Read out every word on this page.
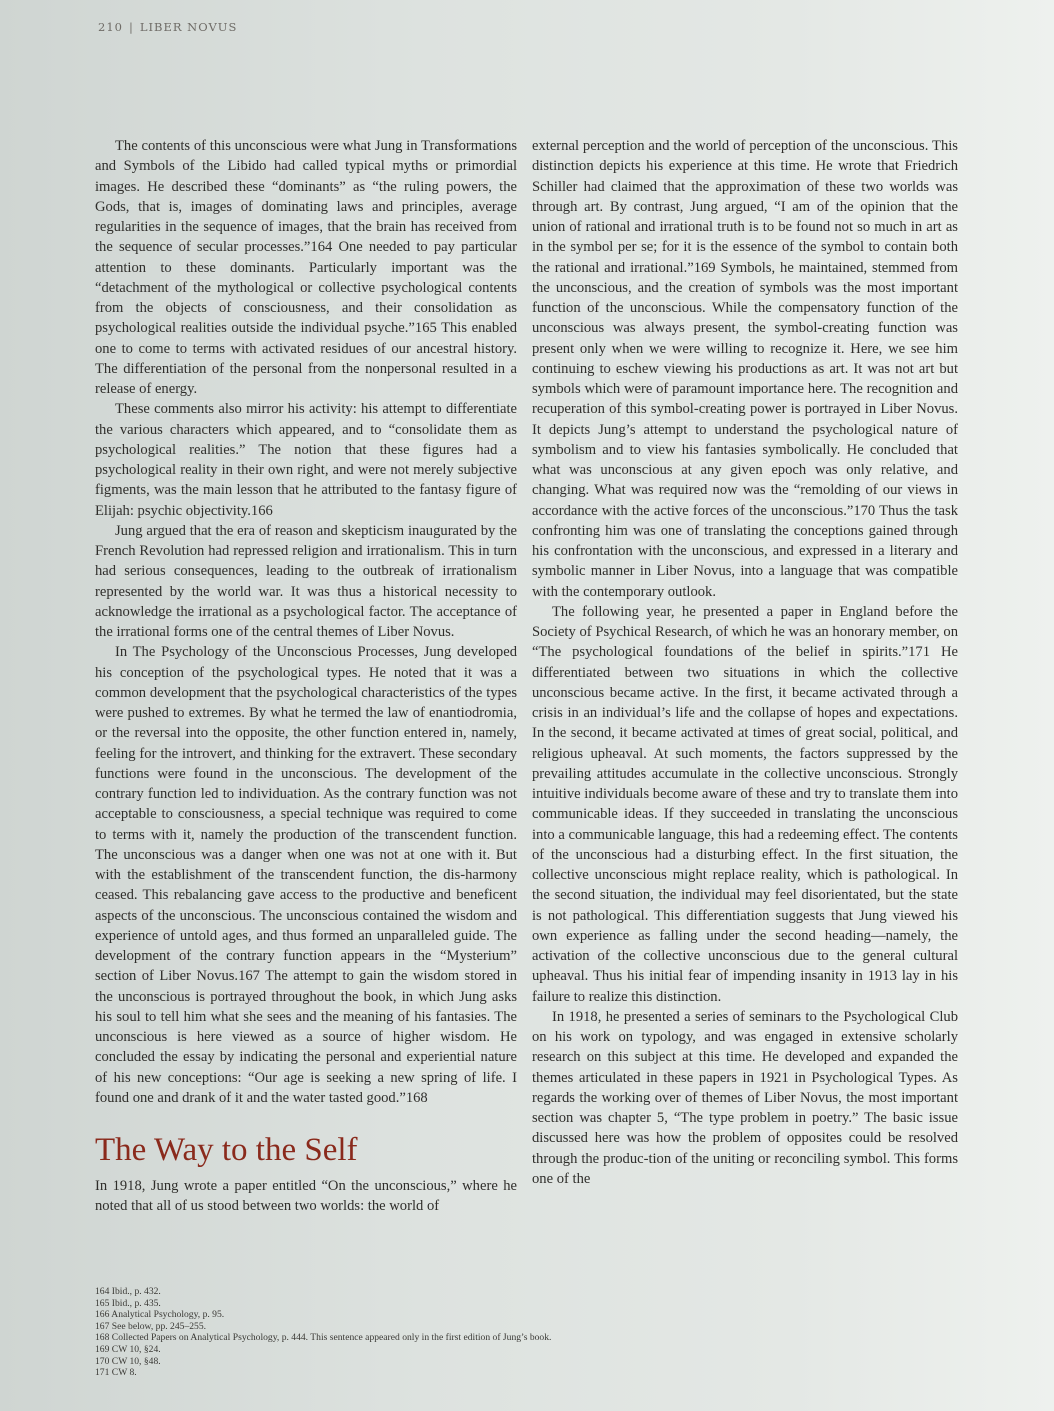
210 | LIBER NOVUS

The contents of this unconscious were what Jung in Transformations and Symbols of the Libido had called typical myths or primordial images. He described these “dominants” as “the ruling powers, the Gods, that is, images of dominating laws and principles, average regularities in the sequence of images, that the brain has received from the sequence of secular processes.”164 One needed to pay particular attention to these dominants. Particularly important was the “detachment of the mythological or collective psychological contents from the objects of consciousness, and their consolidation as psychological realities outside the individual psyche.”165 This enabled one to come to terms with activated residues of our ancestral history. The differentiation of the personal from the nonpersonal resulted in a release of energy.

These comments also mirror his activity: his attempt to differentiate the various characters which appeared, and to “consolidate them as psychological realities.” The notion that these figures had a psychological reality in their own right, and were not merely subjective figments, was the main lesson that he attributed to the fantasy figure of Elijah: psychic objectivity.166

Jung argued that the era of reason and skepticism inaugurated by the French Revolution had repressed religion and irrationalism. This in turn had serious consequences, leading to the outbreak of irrationalism represented by the world war. It was thus a historical necessity to acknowledge the irrational as a psychological factor. The acceptance of the irrational forms one of the central themes of Liber Novus.

In The Psychology of the Unconscious Processes, Jung developed his conception of the psychological types. He noted that it was a common development that the psychological characteristics of the types were pushed to extremes. By what he termed the law of enantiodromia, or the reversal into the opposite, the other function entered in, namely, feeling for the introvert, and thinking for the extravert. These secondary functions were found in the unconscious. The development of the contrary function led to individuation. As the contrary function was not acceptable to consciousness, a special technique was required to come to terms with it, namely the production of the transcendent function. The unconscious was a danger when one was not at one with it. But with the establishment of the transcendent function, the dis-harmony ceased. This rebalancing gave access to the productive and beneficent aspects of the unconscious. The unconscious contained the wisdom and experience of untold ages, and thus formed an unparalleled guide. The development of the contrary function appears in the “Mysterium” section of Liber Novus.167 The attempt to gain the wisdom stored in the unconscious is portrayed throughout the book, in which Jung asks his soul to tell him what she sees and the meaning of his fantasies. The unconscious is here viewed as a source of higher wisdom. He concluded the essay by indicating the personal and experiential nature of his new conceptions: “Our age is seeking a new spring of life. I found one and drank of it and the water tasted good.”168

The Way to the Self

In 1918, Jung wrote a paper entitled “On the unconscious,” where he noted that all of us stood between two worlds: the world of

external perception and the world of perception of the unconscious. This distinction depicts his experience at this time. He wrote that Friedrich Schiller had claimed that the approximation of these two worlds was through art. By contrast, Jung argued, “I am of the opinion that the union of rational and irrational truth is to be found not so much in art as in the symbol per se; for it is the essence of the symbol to contain both the rational and irrational.”169 Symbols, he maintained, stemmed from the unconscious, and the creation of symbols was the most important function of the unconscious. While the compensatory function of the unconscious was always present, the symbol-creating function was present only when we were willing to recognize it. Here, we see him continuing to eschew viewing his productions as art. It was not art but symbols which were of paramount importance here. The recognition and recuperation of this symbol-creating power is portrayed in Liber Novus. It depicts Jung’s attempt to understand the psychological nature of symbolism and to view his fantasies symbolically. He concluded that what was unconscious at any given epoch was only relative, and changing. What was required now was the “remolding of our views in accordance with the active forces of the unconscious.”170 Thus the task confronting him was one of translating the conceptions gained through his confrontation with the unconscious, and expressed in a literary and symbolic manner in Liber Novus, into a language that was compatible with the contemporary outlook.

The following year, he presented a paper in England before the Society of Psychical Research, of which he was an honorary member, on “The psychological foundations of the belief in spirits.”171 He differentiated between two situations in which the collective unconscious became active. In the first, it became activated through a crisis in an individual’s life and the collapse of hopes and expectations. In the second, it became activated at times of great social, political, and religious upheaval. At such moments, the factors suppressed by the prevailing attitudes accumulate in the collective unconscious. Strongly intuitive individuals become aware of these and try to translate them into communicable ideas. If they succeeded in translating the unconscious into a communicable language, this had a redeeming effect. The contents of the unconscious had a disturbing effect. In the first situation, the collective unconscious might replace reality, which is pathological. In the second situation, the individual may feel disorientated, but the state is not pathological. This differentiation suggests that Jung viewed his own experience as falling under the second heading—namely, the activation of the collective unconscious due to the general cultural upheaval. Thus his initial fear of impending insanity in 1913 lay in his failure to realize this distinction.

In 1918, he presented a series of seminars to the Psychological Club on his work on typology, and was engaged in extensive scholarly research on this subject at this time. He developed and expanded the themes articulated in these papers in 1921 in Psychological Types. As regards the working over of themes of Liber Novus, the most important section was chapter 5, “The type problem in poetry.” The basic issue discussed here was how the problem of opposites could be resolved through the produc-tion of the uniting or reconciling symbol. This forms one of the

164 Ibid., p. 432.
165 Ibid., p. 435.
166 Analytical Psychology, p. 95.
167 See below, pp. 245–255.
168 Collected Papers on Analytical Psychology, p. 444. This sentence appeared only in the first edition of Jung’s book.
169 CW 10, §24.
170 CW 10, §48.
171 CW 8.
